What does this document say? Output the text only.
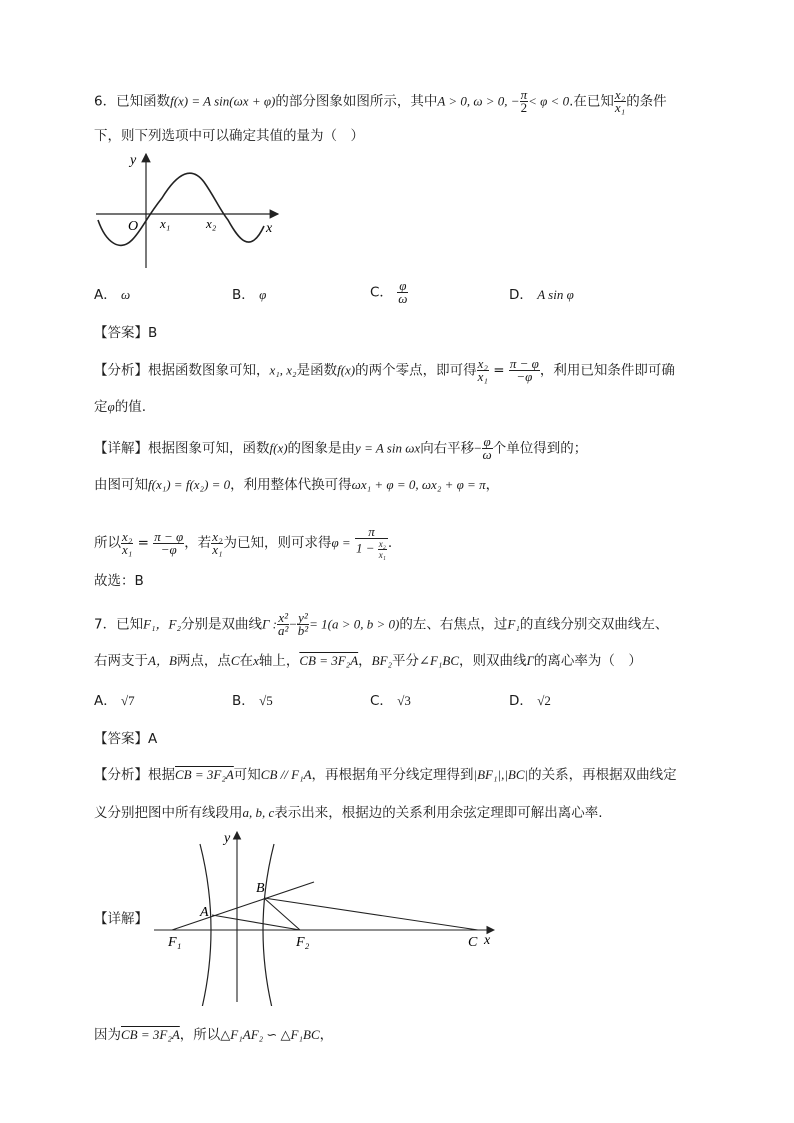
6．已知函数f(x) = A sin(ωx + φ)的部分图象如图所示，其中A > 0, ω > 0, − $\frac{\pi}{2} < \varphi < 0$.在已知 $\frac{\text{x₂}}{\text{x₁}}$ 的条件
下，则下列选项中可以确定其值的量为（　）
y
x
O x₁	x₂
A． ω	B． φ	C． $\frac{\varphi}{\omega}$	D． A sin φ
【答案】B
【分析】根据函数图象可知，x₁, x₂是函数f(x)的两个零点，即可得 $\frac{\text{x₂}}{\text{x₁}} = \frac{\pi - \varphi}{-\varphi}$ ，利用已知条件即可确
定φ的值.
【详解】根据图象可知，函数f(x)的图象是由y = A sin ωx向右平移− $\frac{\varphi}{\omega}$ 个单位得到的；
由图可知f(x₁) = f(x₂) = 0，利用整体代换可得ωx₁ + φ = 0, ωx₂ + φ = π，
所以 $\frac{\text{x₂}}{\text{x₁}} = \frac{\pi - \varphi}{-\varphi}$ ，若 $\frac{\text{x₂}}{\text{x₁}}$ 为已知，则可求得$\varphi = \frac{\pi}{1 - \frac{\text{x₂}}{\text{x₁}}}$ .
故选：B
7．已知F₁，F₂分别是双曲线Γ : $\frac{\text{x²}}{\text{a²}} - \frac{\text{y²}}{\text{b²}} = 1(a > 0$, b > 0)的左、右焦点，过F₁的直线分别交双曲线左、
右两支于A，B两点，点C在x轴上，CB = 3F₂A，BF₂平分∠F₁BC，则双曲线Γ的离心率为（　）
A． √7	B． √5	C． √3	D． √2
【答案】A
【分析】根据CB = 3F₂A可知CB // F₁A，再根据角平分线定理得到|BF₁|,|BC|的关系，再根据双曲线定
义分别把图中所有线段用a, b, c表示出来，根据边的关系利用余弦定理即可解出离心率.
【详解】
y
x
A
B
F₁	F₂	C
因为CB = 3F₂A，所以△F₁AF₂ ∽ △F₁BC，
